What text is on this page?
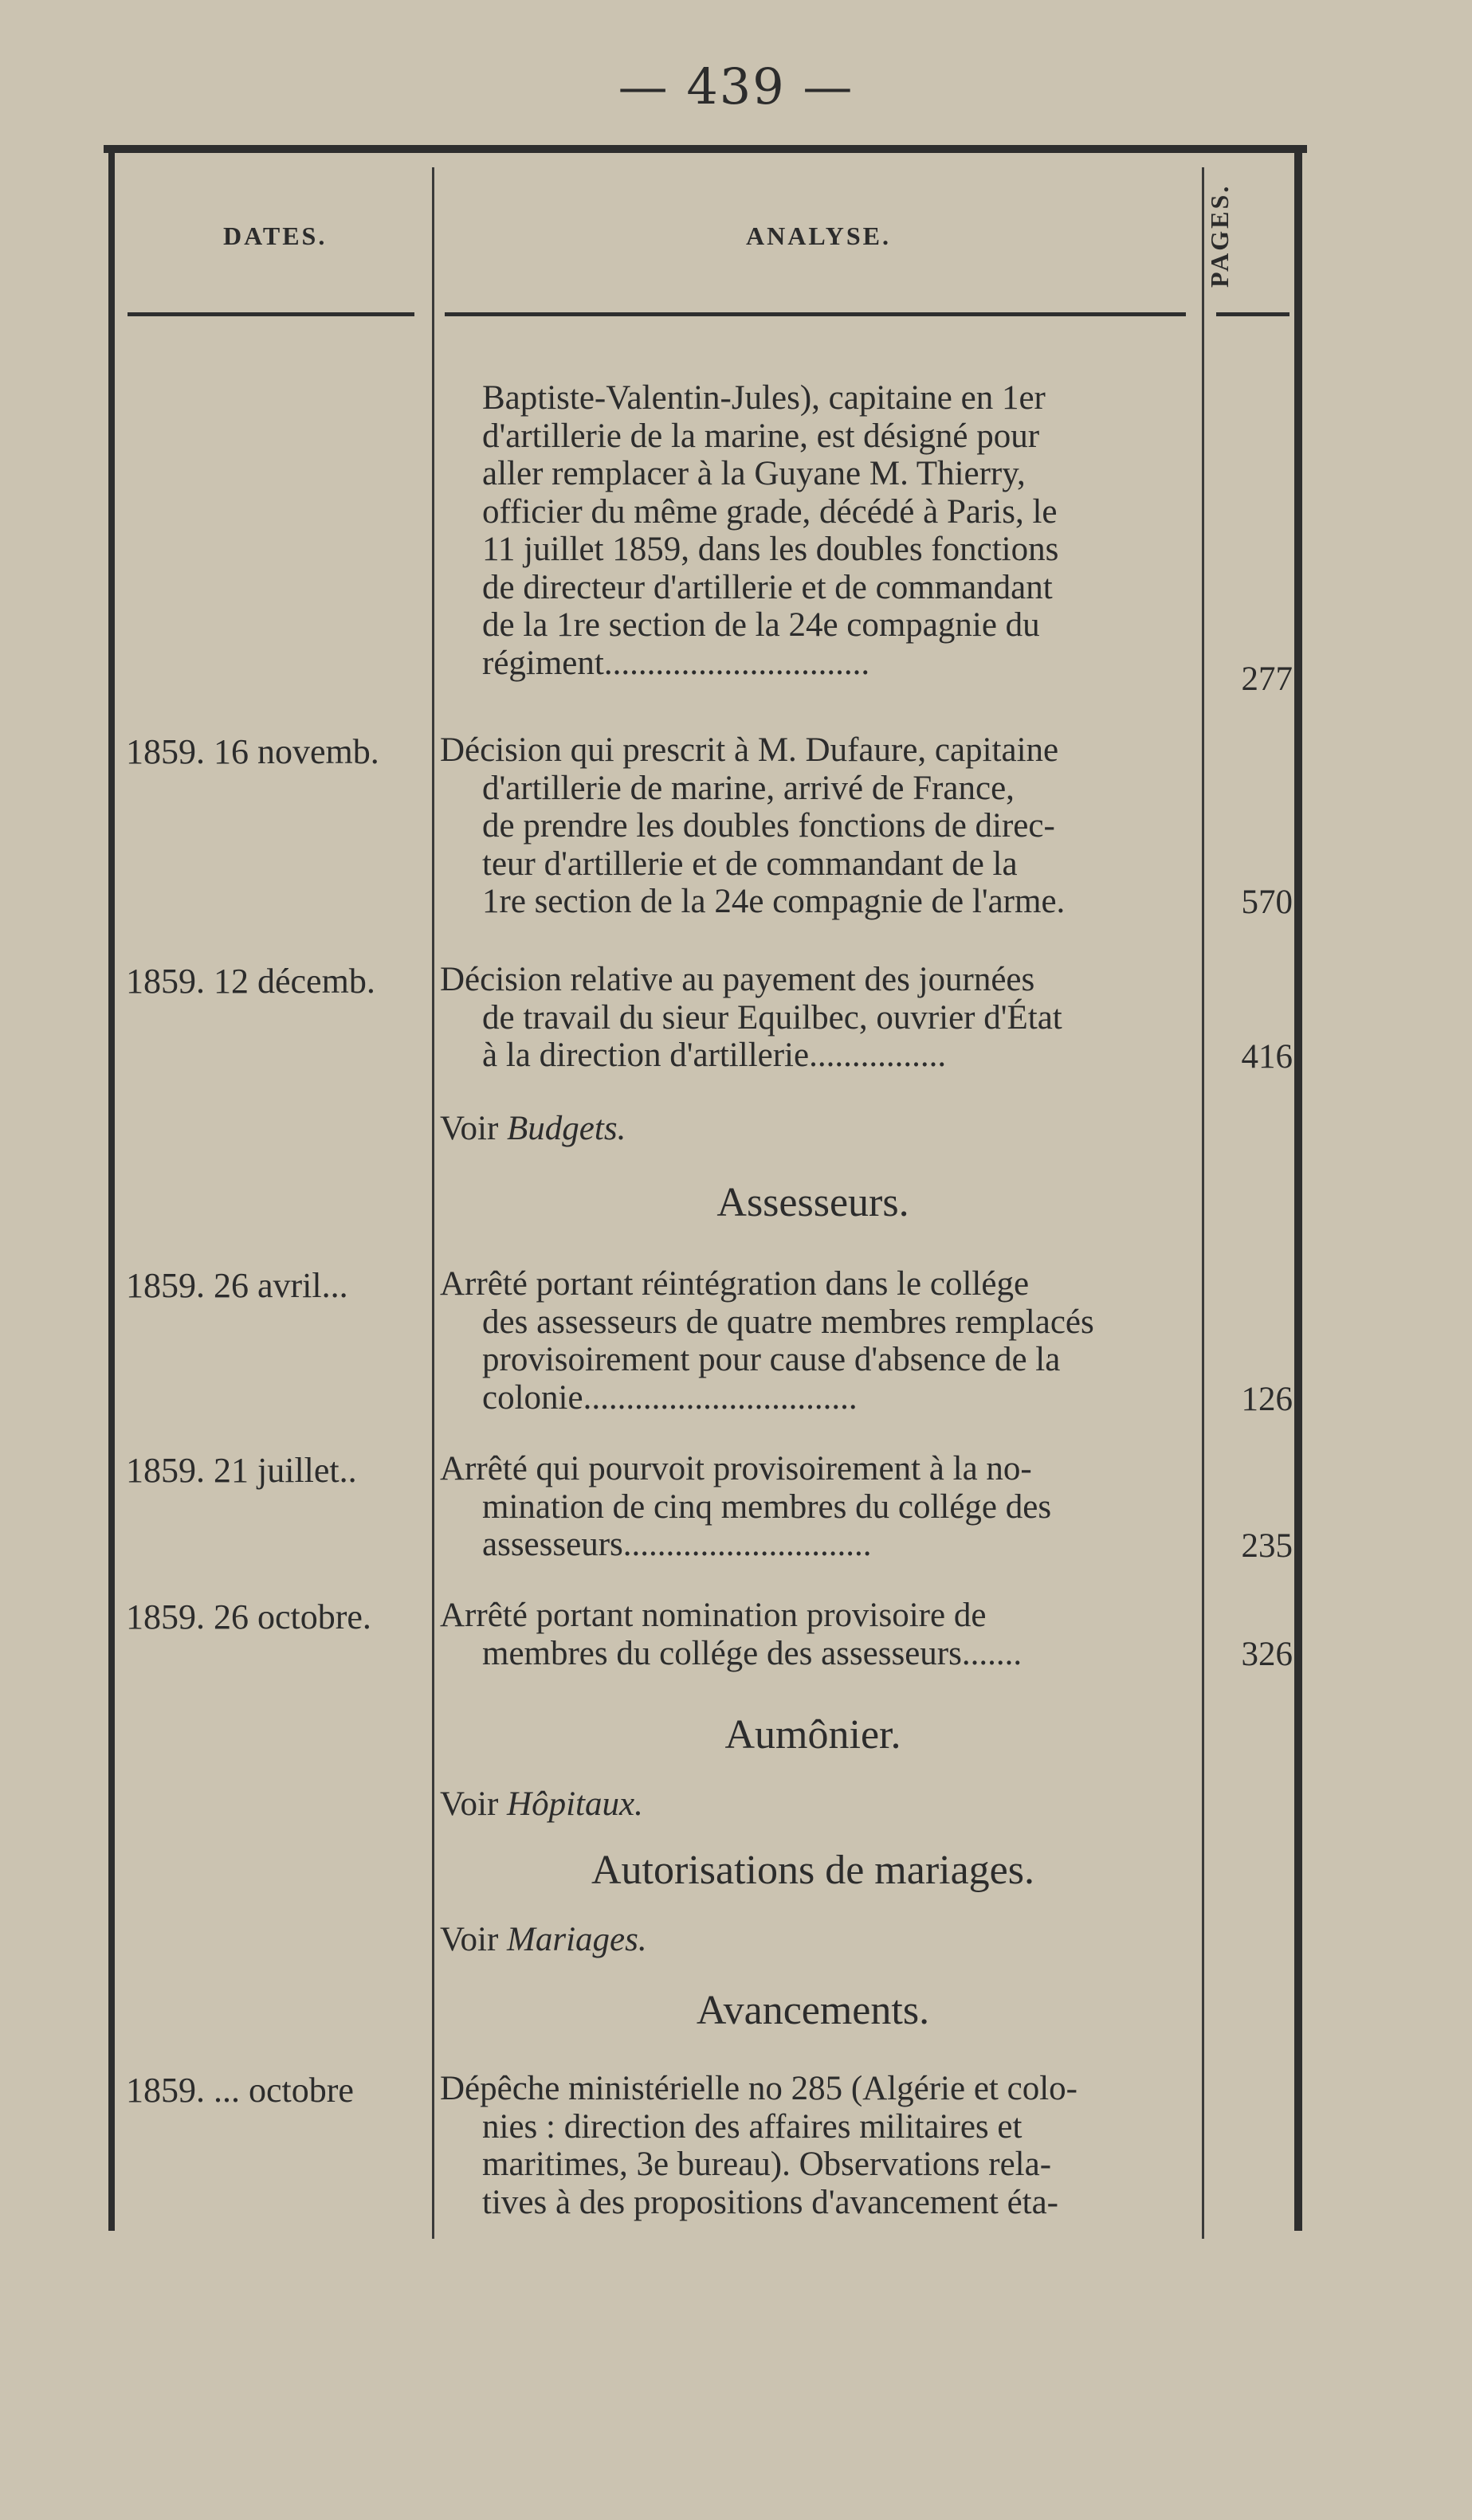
— 439 —
DATES.	ANALYSE.	PAGES.
Baptiste-Valentin-Jules), capitaine en 1er
d'artillerie de la marine, est désigné pour
aller remplacer à la Guyane M. Thierry,
officier du même grade, décédé à Paris, le
11 juillet 1859, dans les doubles fonctions
de directeur d'artillerie et de commandant
de la 1re section de la 24e compagnie du
régiment...............................	277
1859. 16 novemb.	Décision qui prescrit à M. Dufaure, capitaine
d'artillerie de marine, arrivé de France,
de prendre les doubles fonctions de direc-
teur d'artillerie et de commandant de la
1re section de la 24e compagnie de l'arme.	570
1859. 12 décemb.	Décision relative au payement des journées
de travail du sieur Equilbec, ouvrier d'État
à la direction d'artillerie................	416
Voir Budgets.
Assesseurs.
1859. 26 avril...	Arrêté portant réintégration dans le collége
des assesseurs de quatre membres remplacés
provisoirement pour cause d'absence de la
colonie................................	126
1859. 21 juillet..	Arrêté qui pourvoit provisoirement à la no-
mination de cinq membres du collége des
assesseurs.............................	235
1859. 26 octobre.	Arrêté portant nomination provisoire de
membres du collége des assesseurs.......	326
Aumônier.
Voir Hôpitaux.
Autorisations de mariages.
Voir Mariages.
Avancements.
1859. ... octobre	Dépêche ministérielle no 285 (Algérie et colo-
nies : direction des affaires militaires et
maritimes, 3e bureau). Observations rela-
tives à des propositions d'avancement éta-
